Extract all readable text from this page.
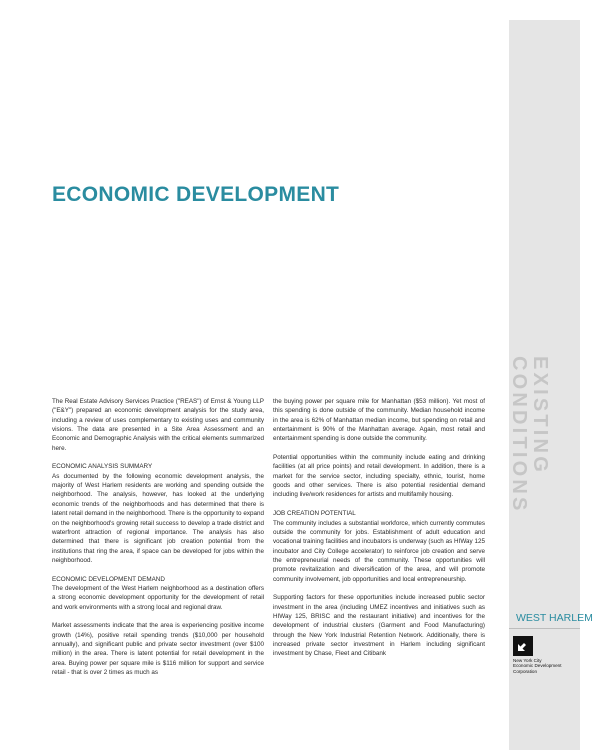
EXISTING
CONDITIONS
WEST HARLEM
New York City
Economic Development
Corporation
ECONOMIC DEVELOPMENT

The Real Estate Advisory Services Practice ("REAS") of Ernst & Young LLP ("E&Y") prepared an economic development analysis for the study area, including a review of uses complementary to existing uses and community visions. The data are presented in a Site Area Assessment and an Economic and Demographic Analysis with the critical elements summarized here.

ECONOMIC ANALYSIS SUMMARY

As documented by the following economic development analysis, the majority of West Harlem residents are working and spending outside the neighborhood. The analysis, however, has looked at the underlying economic trends of the neighborhoods and has determined that there is latent retail demand in the neighborhood. There is the opportunity to expand on the neighborhood's growing retail success to develop a trade district and waterfront attraction of regional importance. The analysis has also determined that there is significant job creation potential from the institutions that ring the area, if space can be developed for jobs within the neighborhood.

ECONOMIC DEVELOPMENT DEMAND

The development of the West Harlem neighborhood as a destination offers a strong economic development opportunity for the development of retail and work environments with a strong local and regional draw.

Market assessments indicate that the area is experiencing positive income growth (14%), positive retail spending trends ($10,000 per household annually), and significant public and private sector investment (over $100 million) in the area. There is latent potential for retail development in the area. Buying power per square mile is $116 million for support and service retail - that is over 2 times as much as

the buying power per square mile for Manhattan ($53 million). Yet most of this spending is done outside of the community. Median household income in the area is 62% of Manhattan median income, but spending on retail and entertainment is 90% of the Manhattan average. Again, most retail and entertainment spending is done outside the community.

Potential opportunities within the community include eating and drinking facilities (at all price points) and retail development. In addition, there is a market for the service sector, including specialty, ethnic, tourist, home goods and other services. There is also potential residential demand including live/work residences for artists and multifamily housing.

JOB CREATION POTENTIAL

The community includes a substantial workforce, which currently commutes outside the community for jobs. Establishment of adult education and vocational training facilities and incubators is underway (such as HIWay 125 incubator and City College accelerator) to reinforce job creation and serve the entrepreneurial needs of the community. These opportunities will promote revitalization and diversification of the area, and will promote community involvement, job opportunities and local entrepreneurship.

Supporting factors for these opportunities include increased public sector investment in the area (including UMEZ incentives and initiatives such as HIWay 125, BRISC and the restaurant initiative) and incentives for the development of industrial clusters (Garment and Food Manufacturing) through the New York Industrial Retention Network. Additionally, there is increased private sector investment in Harlem including significant investment by Chase, Fleet and Citibank
